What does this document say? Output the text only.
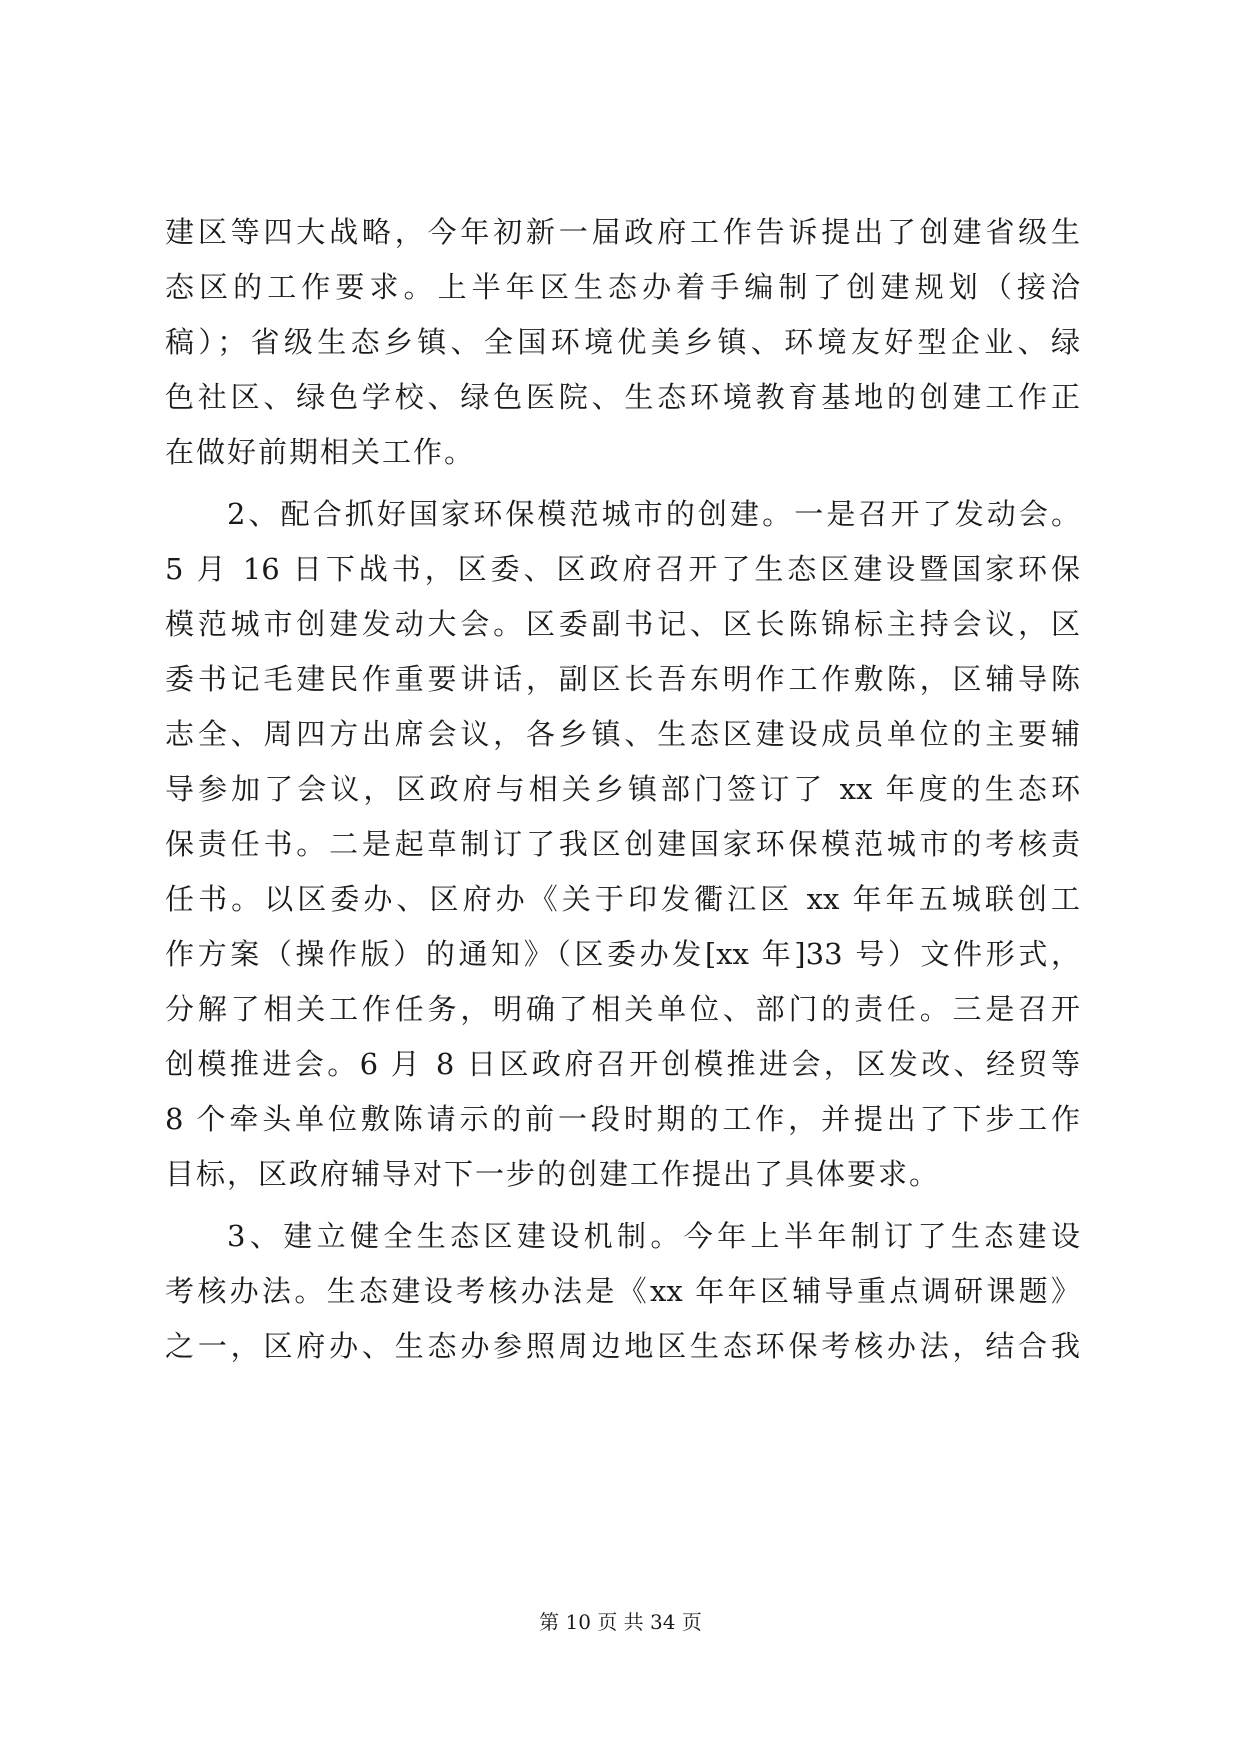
建区等四大战略，今年初新一届政府工作告诉提出了创建省级生
态区的工作要求。上半年区生态办着手编制了创建规划（接洽
稿）；省级生态乡镇、全国环境优美乡镇、环境友好型企业、绿
色社区、绿色学校、绿色医院、生态环境教育基地的创建工作正
在做好前期相关工作。
2、配合抓好国家环保模范城市的创建。一是召开了发动会。
5 月 16 日下战书，区委、区政府召开了生态区建设暨国家环保
模范城市创建发动大会。区委副书记、区长陈锦标主持会议，区
委书记毛建民作重要讲话，副区长吾东明作工作敷陈，区辅导陈
志全、周四方出席会议，各乡镇、生态区建设成员单位的主要辅
导参加了会议，区政府与相关乡镇部门签订了 xx 年度的生态环
保责任书。二是起草制订了我区创建国家环保模范城市的考核责
任书。以区委办、区府办《关于印发衢江区 xx 年年五城联创工
作方案（操作版）的通知》（区委办发[xx 年]33 号）文件形式，
分解了相关工作任务，明确了相关单位、部门的责任。三是召开
创模推进会。6 月 8 日区政府召开创模推进会，区发改、经贸等
8 个牵头单位敷陈请示的前一段时期的工作，并提出了下步工作
目标，区政府辅导对下一步的创建工作提出了具体要求。
3、建立健全生态区建设机制。今年上半年制订了生态建设
考核办法。生态建设考核办法是《xx 年年区辅导重点调研课题》
之一，区府办、生态办参照周边地区生态环保考核办法，结合我
第 10 页 共 34 页
